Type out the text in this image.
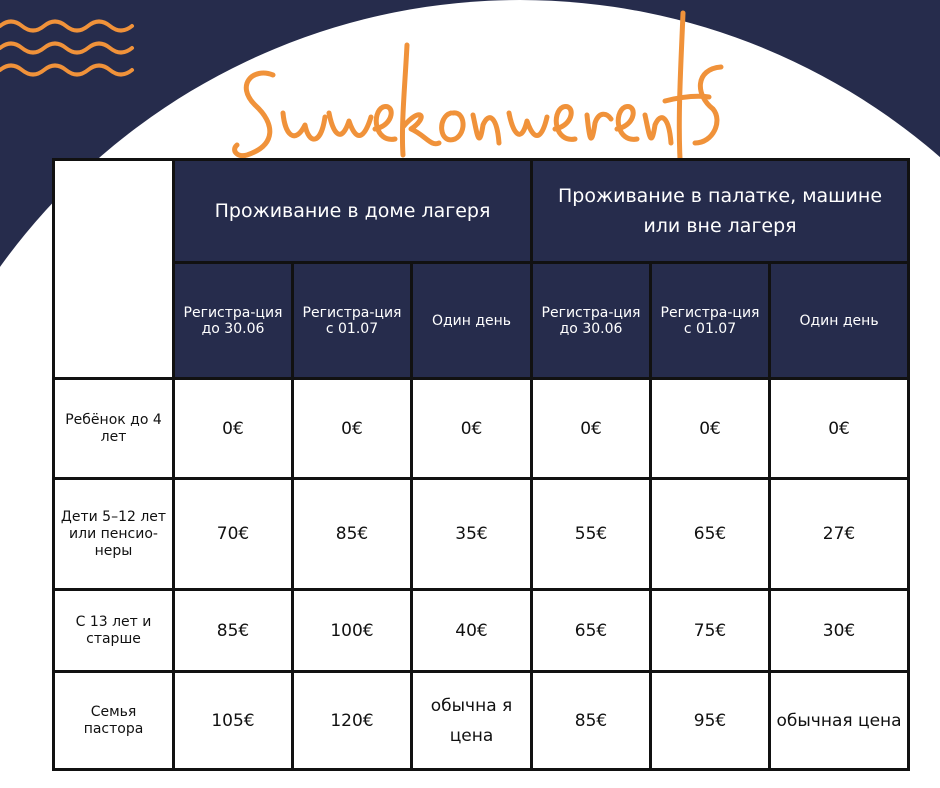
	Проживание в доме лагеря			Проживание в палатке, машине или вне лагеря		
	Регистра-ция до 30.06	Регистра-ция с 01.07	Один день	Регистра-ция до 30.06	Регистра-ция с 01.07	Один день
Ребёнок до 4 лет	0€	0€	0€	0€	0€	0€
Дети 5–12 лет или пенсио-неры	70€	85€	35€	55€	65€	27€
С 13 лет и старше	85€	100€	40€	65€	75€	30€
Семья пастора	105€	120€	обычна я цена	85€	95€	обычная цена
